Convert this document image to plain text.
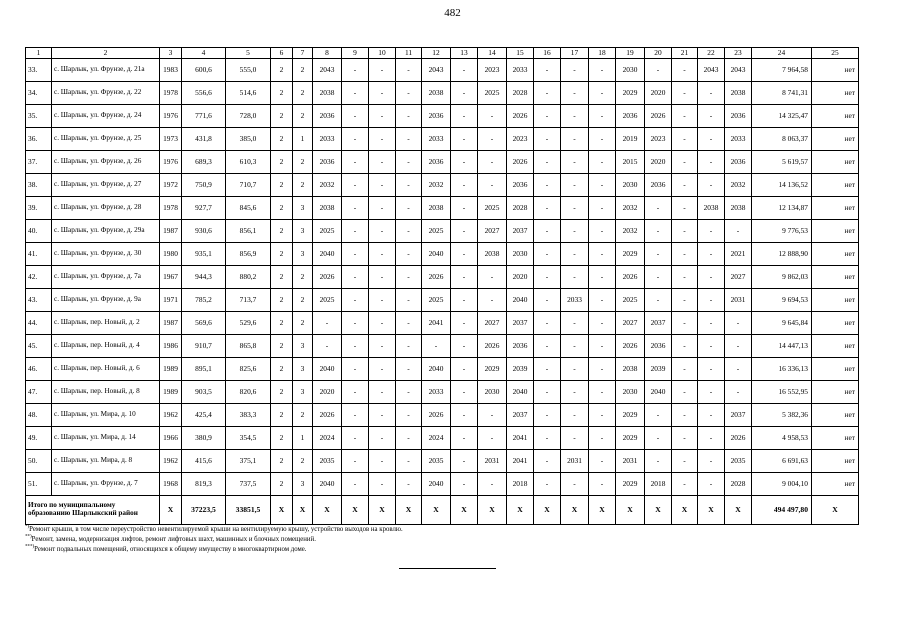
482
1	2	3	4	5	6	7	8	9	10	11	12	13	14	15	16	17	18	19	20	21	22	23	24	25
33.	с. Шарлык, ул. Фрунзе, д. 21а	1983	600,6	555,0	2	2	2043	-	-	-	2043	-	2023	2033	-	-	-	2030	-	-	2043	2043	7 964,58	нет
34.	с. Шарлык, ул. Фрунзе, д. 22	1978	556,6	514,6	2	2	2038	-	-	-	2038	-	2025	2028	-	-	-	2029	2020	-	-	2038	8 741,31	нет
35.	с. Шарлык, ул. Фрунзе, д. 24	1976	771,6	728,0	2	2	2036	-	-	-	2036	-	-	2026	-	-	-	2036	2026	-	-	2036	14 325,47	нет
36.	с. Шарлык, ул. Фрунзе, д. 25	1973	431,8	385,0	2	1	2033	-	-	-	2033	-	-	2023	-	-	-	2019	2023	-	-	2033	8 063,37	нет
37.	с. Шарлык, ул. Фрунзе, д. 26	1976	689,3	610,3	2	2	2036	-	-	-	2036	-	-	2026	-	-	-	2015	2020	-	-	2036	5 619,57	нет
38.	с. Шарлык, ул. Фрунзе, д. 27	1972	750,9	710,7	2	2	2032	-	-	-	2032	-	-	2036	-	-	-	2030	2036	-	-	2032	14 136,52	нет
39.	с. Шарлык, ул. Фрунзе, д. 28	1978	927,7	845,6	2	3	2038	-	-	-	2038	-	2025	2028	-	-	-	2032	-	-	2038	2038	12 134,87	нет
40.	с. Шарлык, ул. Фрунзе, д. 29а	1987	930,6	856,1	2	3	2025	-	-	-	2025	-	2027	2037	-	-	-	2032	-	-	-	-	9 776,53	нет
41.	с. Шарлык, ул. Фрунзе, д. 30	1980	935,1	856,9	2	3	2040	-	-	-	2040	-	2038	2030	-	-	-	2029	-	-	-	2021	12 888,90	нет
42.	с. Шарлык, ул. Фрунзе, д. 7а	1967	944,3	880,2	2	2	2026	-	-	-	2026	-	-	2020	-	-	-	2026	-	-	-	2027	9 862,03	нет
43.	с. Шарлык, ул. Фрунзе, д. 9а	1971	785,2	713,7	2	2	2025	-	-	-	2025	-	-	2040	-	2033	-	2025	-	-	-	2031	9 694,53	нет
44.	с. Шарлык, пер. Новый, д. 2	1987	569,6	529,6	2	2	-	-	-	-	2041	-	2027	2037	-	-	-	2027	2037	-	-	-	9 645,84	нет
45.	с. Шарлык, пер. Новый, д. 4	1986	910,7	865,8	2	3	-	-	-	-	-	-	2026	2036	-	-	-	2026	2036	-	-	-	14 447,13	нет
46.	с. Шарлык, пер. Новый, д. 6	1989	895,1	825,6	2	3	2040	-	-	-	2040	-	2029	2039	-	-	-	2038	2039	-	-	-	16 336,13	нет
47.	с. Шарлык, пер. Новый, д. 8	1989	903,5	820,6	2	3	2020	-	-	-	2033	-	2030	2040	-	-	-	2030	2040	-	-	-	16 552,95	нет
48.	с. Шарлык, ул. Мира, д. 10	1962	425,4	383,3	2	2	2026	-	-	-	2026	-	-	2037	-	-	-	2029	-	-	-	2037	5 382,36	нет
49.	с. Шарлык, ул. Мира, д. 14	1966	380,9	354,5	2	1	2024	-	-	-	2024	-	-	2041	-	-	-	2029	-	-	-	2026	4 958,53	нет
50.	с. Шарлык, ул. Мира, д. 8	1962	415,6	375,1	2	2	2035	-	-	-	2035	-	2031	2041	-	2031	-	2031	-	-	-	2035	6 691,63	нет
51.	с. Шарлык, ул. Фрунзе, д. 7	1968	819,3	737,5	2	3	2040	-	-	-	2040	-	-	2018	-	-	-	2029	2018	-	-	2028	9 004,10	нет
Итого по муниципальному образованию Шарлыкский район		X	37223,5	33851,5	X	X	X	X	X	X	X	X	X	X	X	X	X	X	X	X	X	X	494 497,80	X
*)Ремонт крыши, в том числе переустройство невентилируемой крыши на вентилируемую крышу, устройство выходов на кровлю.
**)Ремонт, замена, модернизация лифтов, ремонт лифтовых шахт, машинных и блочных помещений.
***)Ремонт подвальных помещений, относящихся к общему имуществу в многоквартирном доме.
